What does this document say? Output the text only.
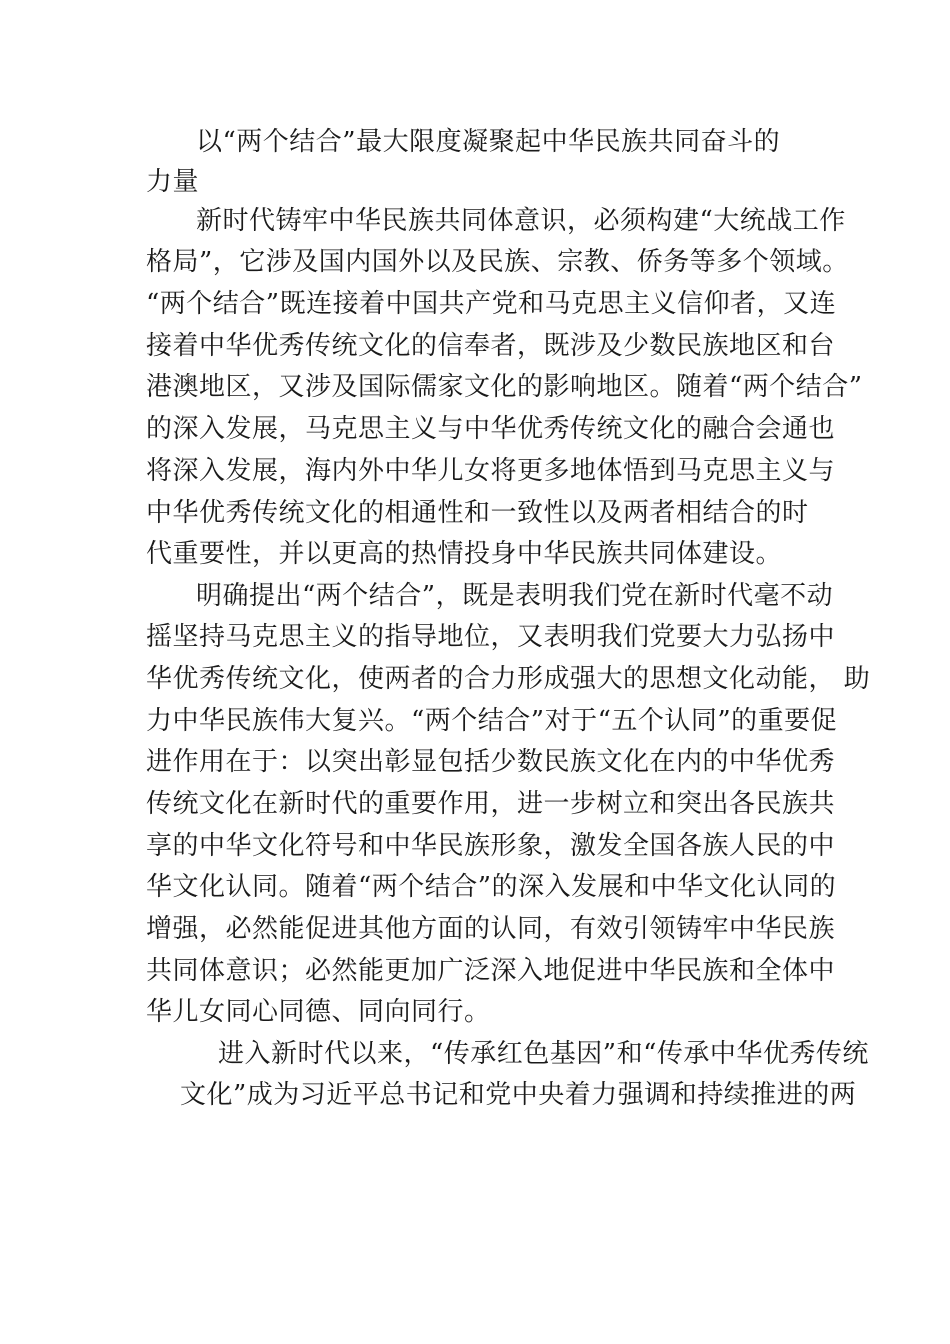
以“两个结合”最大限度凝聚起中华民族共同奋斗的
力量
新时代铸牢中华民族共同体意识，必须构建“大统战工作
格局”，它涉及国内国外以及民族、宗教、侨务等多个领域。
“两个结合”既连接着中国共产党和马克思主义信仰者，又连
接着中华优秀传统文化的信奉者，既涉及少数民族地区和台
港澳地区，又涉及国际儒家文化的影响地区。随着“两个结合”
的深入发展，马克思主义与中华优秀传统文化的融合会通也
将深入发展，海内外中华儿女将更多地体悟到马克思主义与
中华优秀传统文化的相通性和一致性以及两者相结合的时
代重要性，并以更高的热情投身中华民族共同体建设。
明确提出“两个结合”，既是表明我们党在新时代毫不动
摇坚持马克思主义的指导地位，又表明我们党要大力弘扬中
华优秀传统文化，使两者的合力形成强大的思想文化动能， 助
力中华民族伟大复兴。“两个结合”对于“五个认同”的重要促
进作用在于：以突出彰显包括少数民族文化在内的中华优秀
传统文化在新时代的重要作用，进一步树立和突出各民族共
享的中华文化符号和中华民族形象，激发全国各族人民的中
华文化认同。随着“两个结合”的深入发展和中华文化认同的
增强，必然能促进其他方面的认同，有效引领铸牢中华民族
共同体意识；必然能更加广泛深入地促进中华民族和全体中
华儿女同心同德、同向同行。
进入新时代以来，“传承红色基因”和“传承中华优秀传统
文化”成为习近平总书记和党中央着力强调和持续推进的两
